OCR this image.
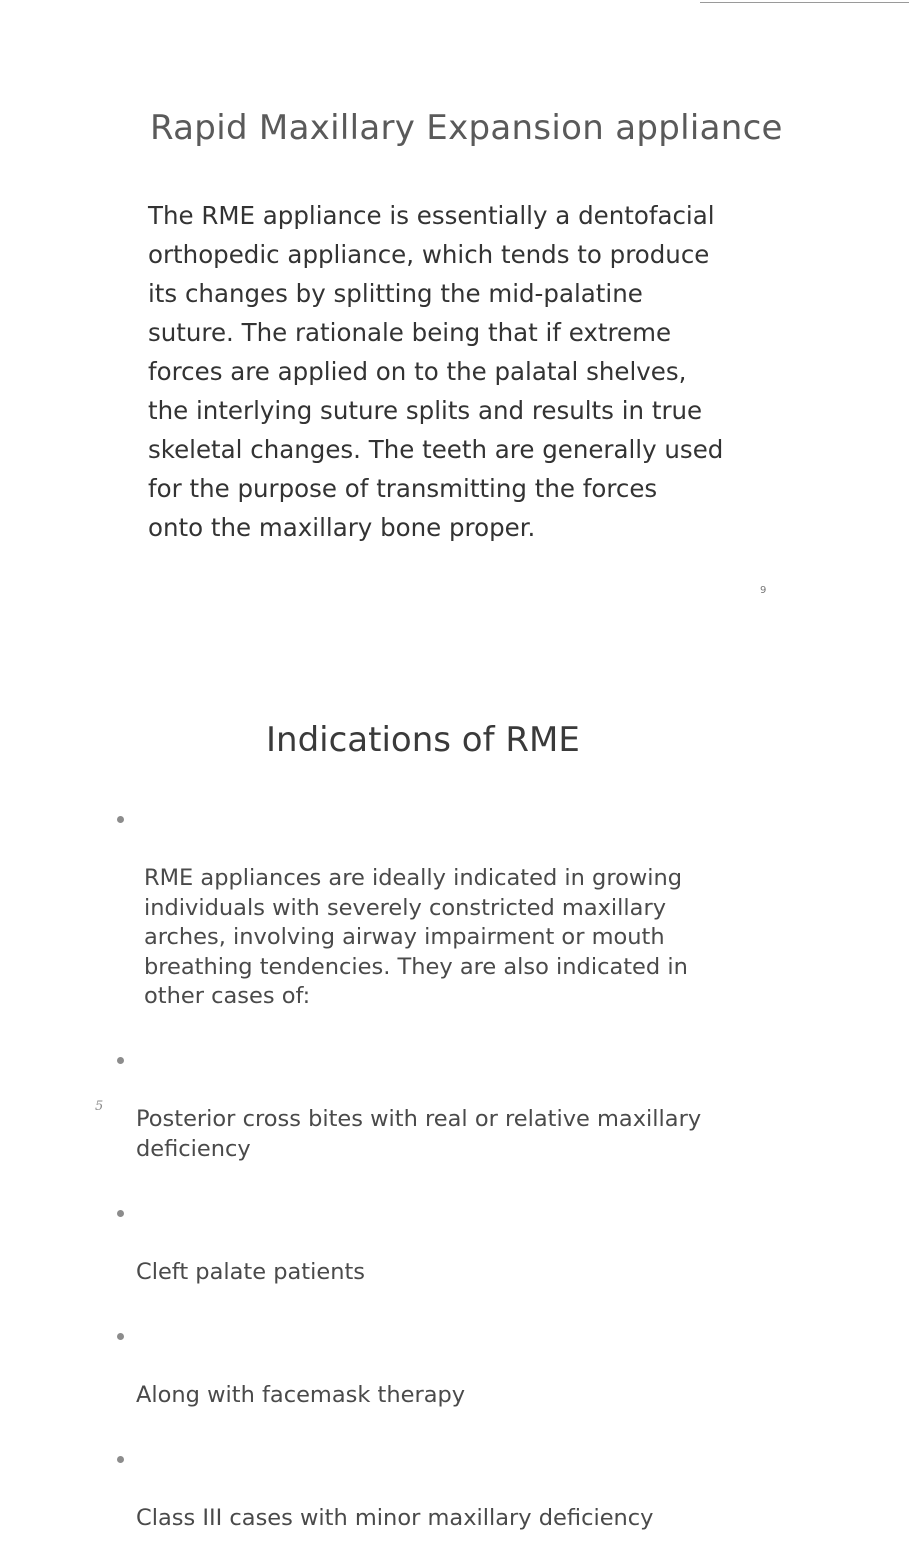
Rapid Maxillary Expansion appliance

The RME appliance is essentially a dentofacial
orthopedic appliance, which tends to produce
its changes by splitting the mid-palatine
suture. The rationale being that if extreme
forces are applied on to the palatal shelves,
the interlying suture splits and results in true
skeletal changes. The teeth are generally used
for the purpose of transmitting the forces
onto the maxillary bone proper.

9
Indications of RME

RME appliances are ideally indicated in growing
individuals with severely constricted maxillary
arches, involving airway impairment or mouth
breathing tendencies. They are also indicated in
other cases of:

Posterior cross bites with real or relative maxillary
deficiency

Cleft palate patients

Along with facemask therapy

Class III cases with minor maxillary deficiency

5
